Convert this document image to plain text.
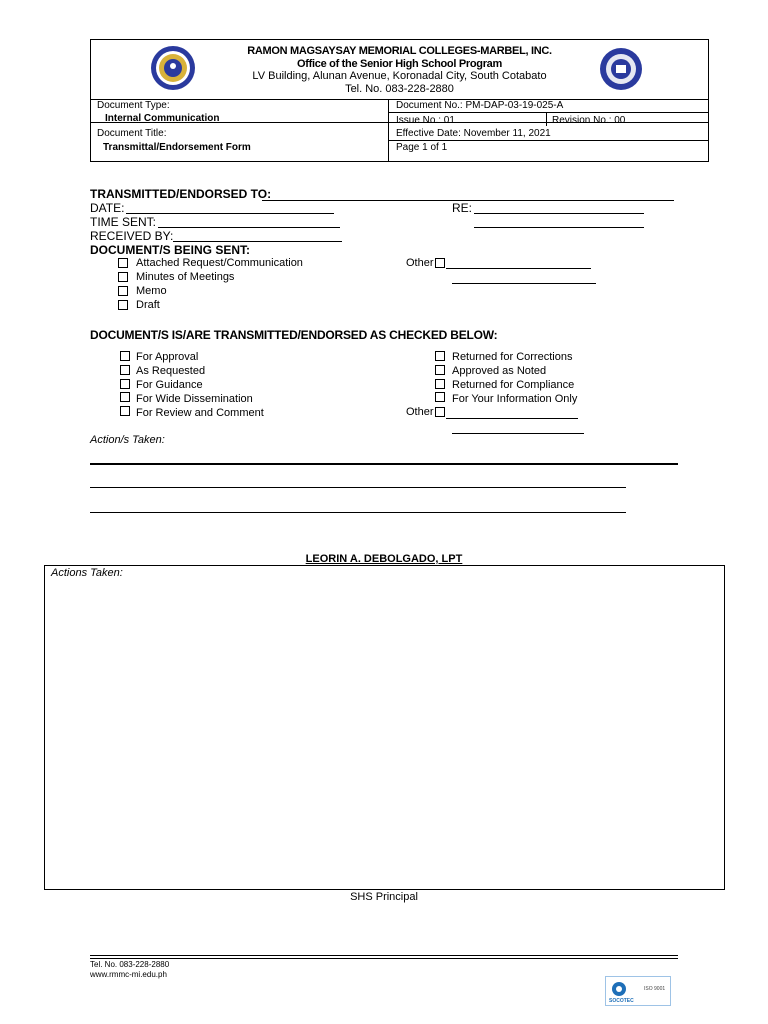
RAMON MAGSAYSAY MEMORIAL COLLEGES-MARBEL, INC.
Office of the Senior High School Program
LV Building, Alunan Avenue, Koronadal City, South Cotabato
Tel. No. 083-228-2880
Document Type:
Internal Communication
Document Title:
Transmittal/Endorsement Form
Document No.: PM-DAP-03-19-025-A
Issue No.: 01	Revision No.: 00
Effective Date: November 11, 2021
Page 1 of 1
TRANSMITTED/ENDORSED TO:
DATE:	RE:
TIME SENT:
RECEIVED BY:
DOCUMENT/S BEING SENT:
Attached Request/Communication
Minutes of Meetings
Memo
Draft
Other
DOCUMENT/S IS/ARE TRANSMITTED/ENDORSED AS CHECKED BELOW:
For Approval
As Requested
For Guidance
For Wide Dissemination
For Review and Comment
Returned for Corrections
Approved as Noted
Returned for Compliance
For Your Information Only
Other
Action/s Taken:
LEORIN A. DEBOLGADO, LPT
Actions Taken:
SHS Principal
Tel. No. 083-228-2880
www.rmmc-mi.edu.ph
SOCOTEC
ISO 9001
